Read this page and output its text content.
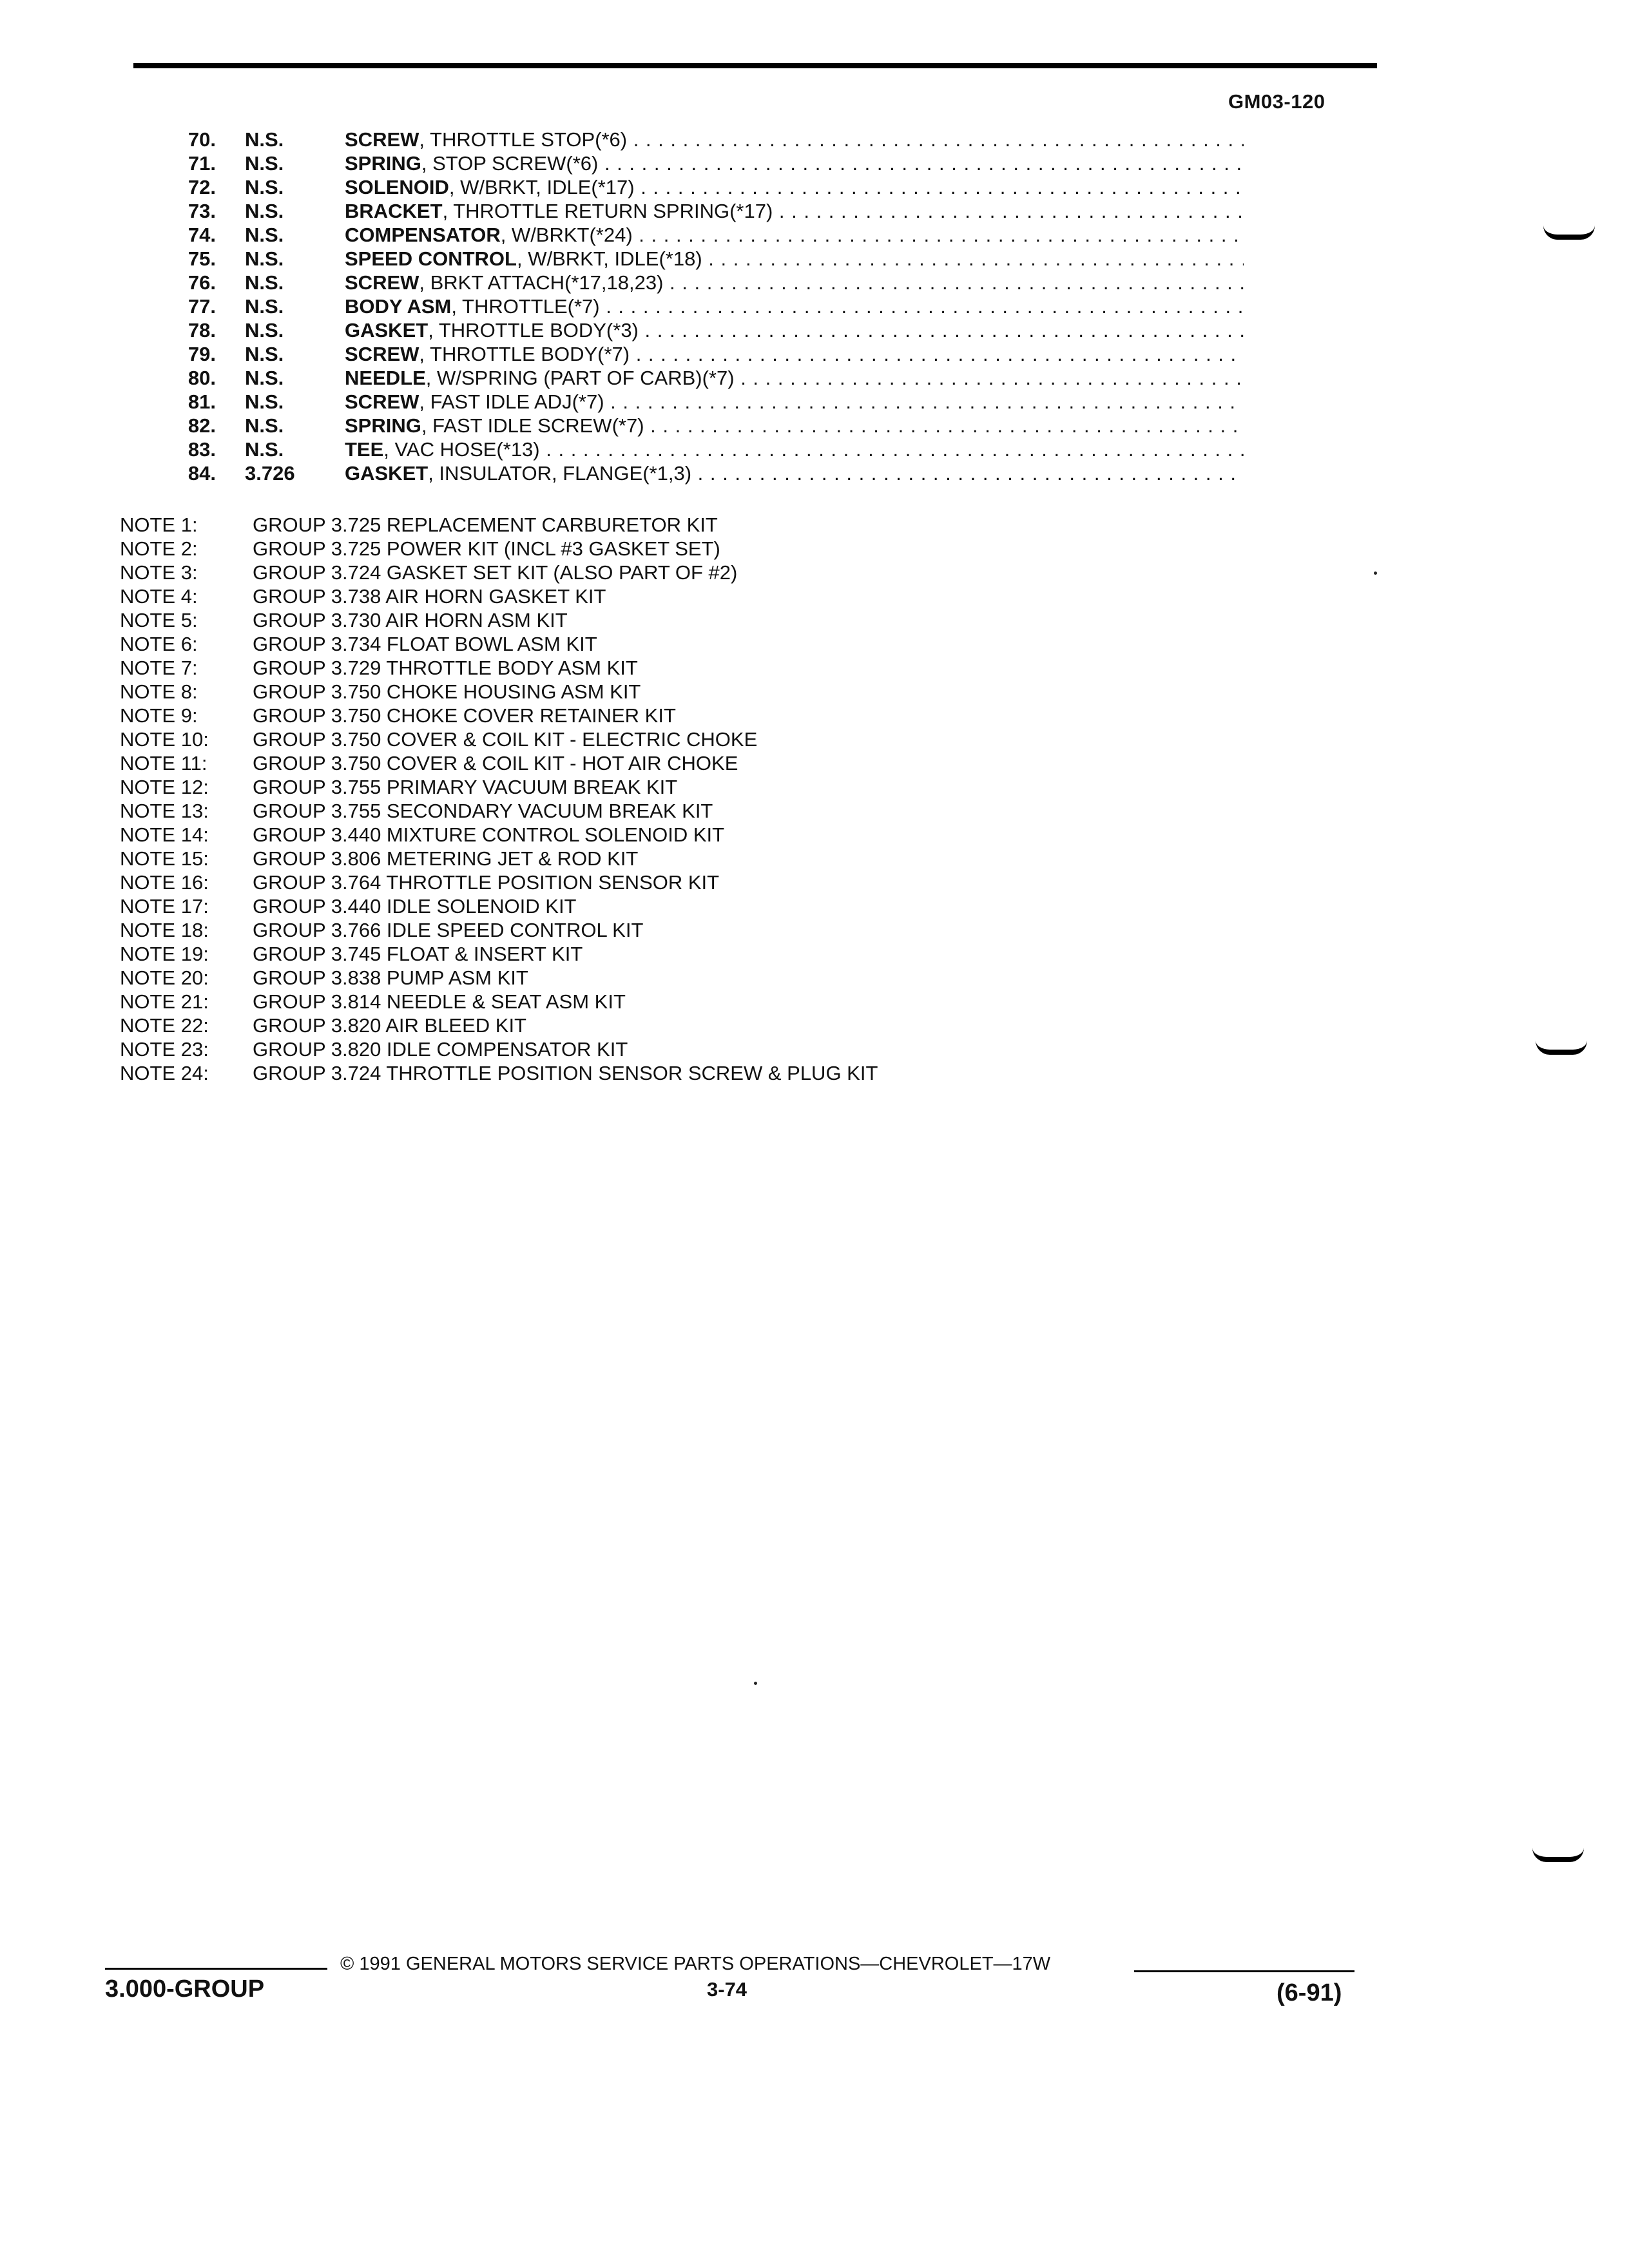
GM03-120
70. N.S.	SCREW, THROTTLE STOP(*6) . . .
71. N.S.	SPRING, STOP SCREW(*6) . . .
72. N.S.	SOLENOID, W/BRKT, IDLE(*17) . . .
73. N.S.	BRACKET, THROTTLE RETURN SPRING(*17) . . .
74. N.S.	COMPENSATOR, W/BRKT(*24) . . .
75. N.S.	SPEED CONTROL, W/BRKT, IDLE(*18) . . .
76. N.S.	SCREW, BRKT ATTACH(*17,18,23) . . .
77. N.S.	BODY ASM, THROTTLE(*7) . . .
78. N.S.	GASKET, THROTTLE BODY(*3) . . .
79. N.S.	SCREW, THROTTLE BODY(*7) . . .
80. N.S.	NEEDLE, W/SPRING (PART OF CARB)(*7) . . .
81. N.S.	SCREW, FAST IDLE ADJ(*7) . . .
82. N.S.	SPRING, FAST IDLE SCREW(*7) . . .
83. N.S.	TEE, VAC HOSE(*13) . . .
84. 3.726	GASKET, INSULATOR, FLANGE(*1,3) . . .
NOTE 1:	GROUP 3.725 REPLACEMENT CARBURETOR KIT
NOTE 2:	GROUP 3.725 POWER KIT (INCL #3 GASKET SET)
NOTE 3:	GROUP 3.724 GASKET SET KIT (ALSO PART OF #2)
NOTE 4:	GROUP 3.738 AIR HORN GASKET KIT
NOTE 5:	GROUP 3.730 AIR HORN ASM KIT
NOTE 6:	GROUP 3.734 FLOAT BOWL ASM KIT
NOTE 7:	GROUP 3.729 THROTTLE BODY ASM KIT
NOTE 8:	GROUP 3.750 CHOKE HOUSING ASM KIT
NOTE 9:	GROUP 3.750 CHOKE COVER RETAINER KIT
NOTE 10: GROUP 3.750 COVER & COIL KIT - ELECTRIC CHOKE
NOTE 11: GROUP 3.750 COVER & COIL KIT - HOT AIR CHOKE
NOTE 12: GROUP 3.755 PRIMARY VACUUM BREAK KIT
NOTE 13: GROUP 3.755 SECONDARY VACUUM BREAK KIT
NOTE 14: GROUP 3.440 MIXTURE CONTROL SOLENOID KIT
NOTE 15: GROUP 3.806 METERING JET & ROD KIT
NOTE 16: GROUP 3.764 THROTTLE POSITION SENSOR KIT
NOTE 17: GROUP 3.440 IDLE SOLENOID KIT
NOTE 18: GROUP 3.766 IDLE SPEED CONTROL KIT
NOTE 19: GROUP 3.745 FLOAT & INSERT KIT
NOTE 20: GROUP 3.838 PUMP ASM KIT
NOTE 21: GROUP 3.814 NEEDLE & SEAT ASM KIT
NOTE 22: GROUP 3.820 AIR BLEED KIT
NOTE 23: GROUP 3.820 IDLE COMPENSATOR KIT
NOTE 24: GROUP 3.724 THROTTLE POSITION SENSOR SCREW & PLUG KIT
3.000-GROUP
© 1991 GENERAL MOTORS SERVICE PARTS OPERATIONS—CHEVROLET—17W
3-74	(6-91)
